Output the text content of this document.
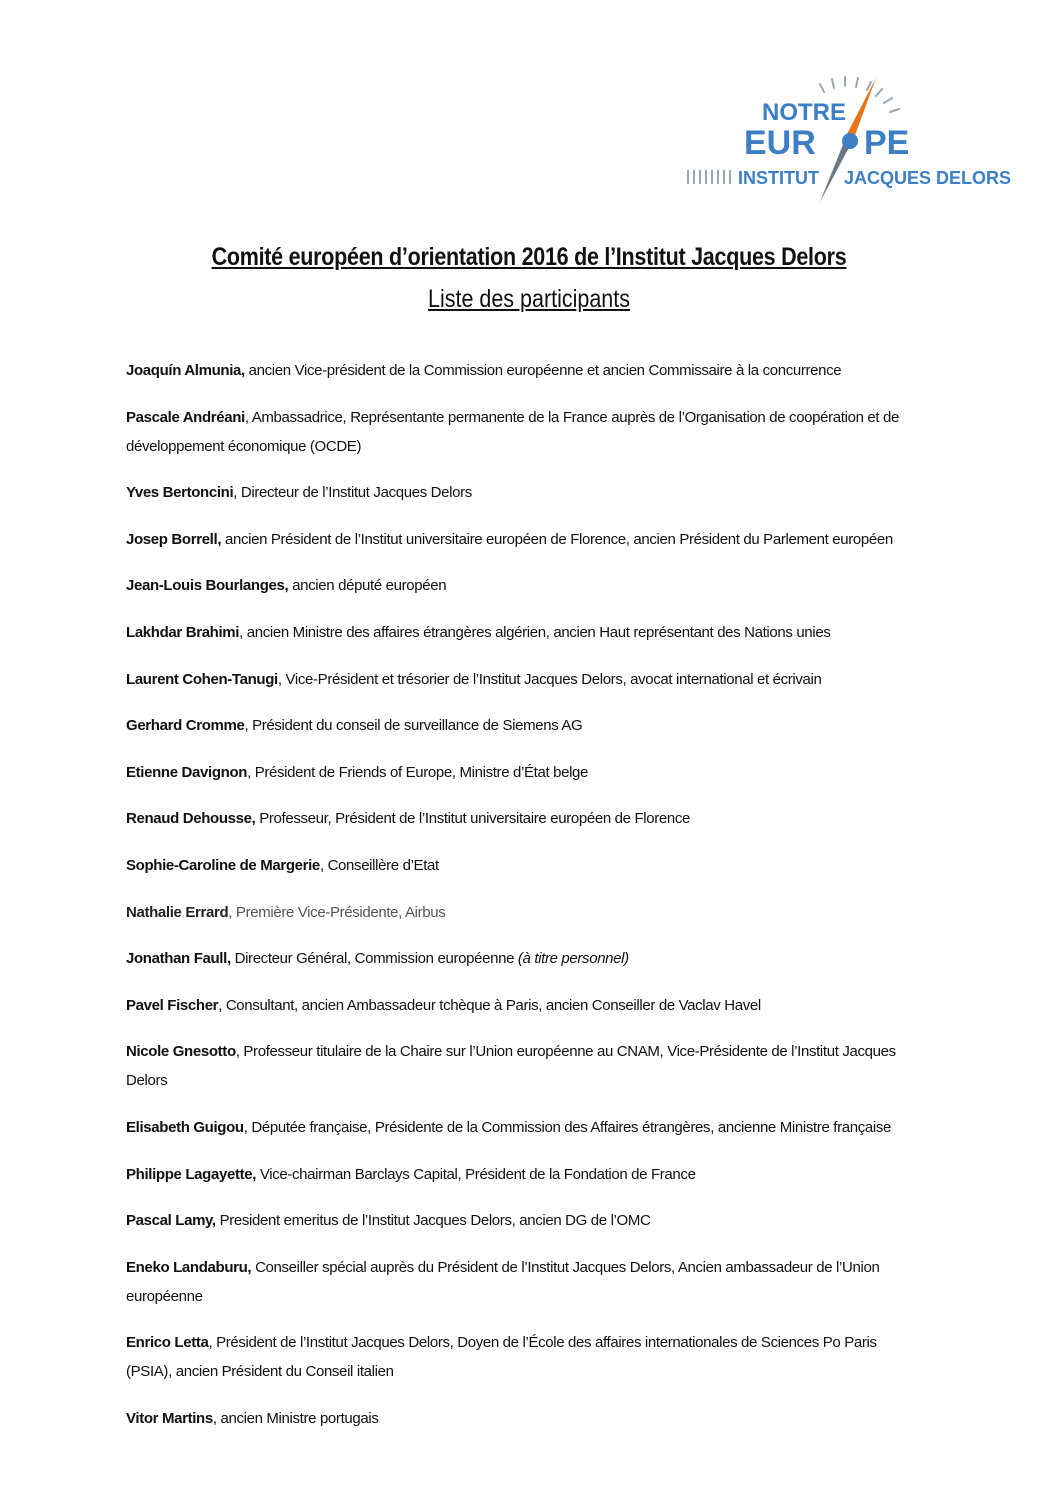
NOTRE
EUR PE
INSTITUT JACQUES DELORS

Comité européen d’orientation 2016 de l’Institut Jacques Delors

Liste des participants

Joaquín Almunia, ancien Vice-président de la Commission européenne et ancien Commissaire à la concurrence

Pascale Andréani, Ambassadrice, Représentante permanente de la France auprès de l’Organisation de coopération et de développement économique (OCDE)

Yves Bertoncini, Directeur de l’Institut Jacques Delors

Josep Borrell, ancien Président de l’Institut universitaire européen de Florence, ancien Président du Parlement européen

Jean-Louis Bourlanges, ancien député européen

Lakhdar Brahimi, ancien Ministre des affaires étrangères algérien, ancien Haut représentant des Nations unies

Laurent Cohen-Tanugi, Vice-Président et trésorier de l’Institut Jacques Delors, avocat international et écrivain

Gerhard Cromme, Président du conseil de surveillance de Siemens AG

Etienne Davignon, Président de Friends of Europe, Ministre d’État belge

Renaud Dehousse, Professeur, Président de l’Institut universitaire européen de Florence

Sophie-Caroline de Margerie, Conseillère d’Etat

Nathalie Errard, Première Vice-Présidente, Airbus

Jonathan Faull, Directeur Général, Commission européenne (à titre personnel)

Pavel Fischer, Consultant, ancien Ambassadeur tchèque à Paris, ancien Conseiller de Vaclav Havel

Nicole Gnesotto, Professeur titulaire de la Chaire sur l’Union européenne au CNAM, Vice-Présidente de l’Institut Jacques Delors

Elisabeth Guigou, Députée française, Présidente de la Commission des Affaires étrangères, ancienne Ministre française

Philippe Lagayette, Vice-chairman Barclays Capital, Président de la Fondation de France

Pascal Lamy, President emeritus de l’Institut Jacques Delors, ancien DG de l’OMC

Eneko Landaburu, Conseiller spécial auprès du Président de l’Institut Jacques Delors, Ancien ambassadeur de l’Union européenne

Enrico Letta, Président de l’Institut Jacques Delors, Doyen de l’École des affaires internationales de Sciences Po Paris (PSIA), ancien Président du Conseil italien

Vitor Martins, ancien Ministre portugais
